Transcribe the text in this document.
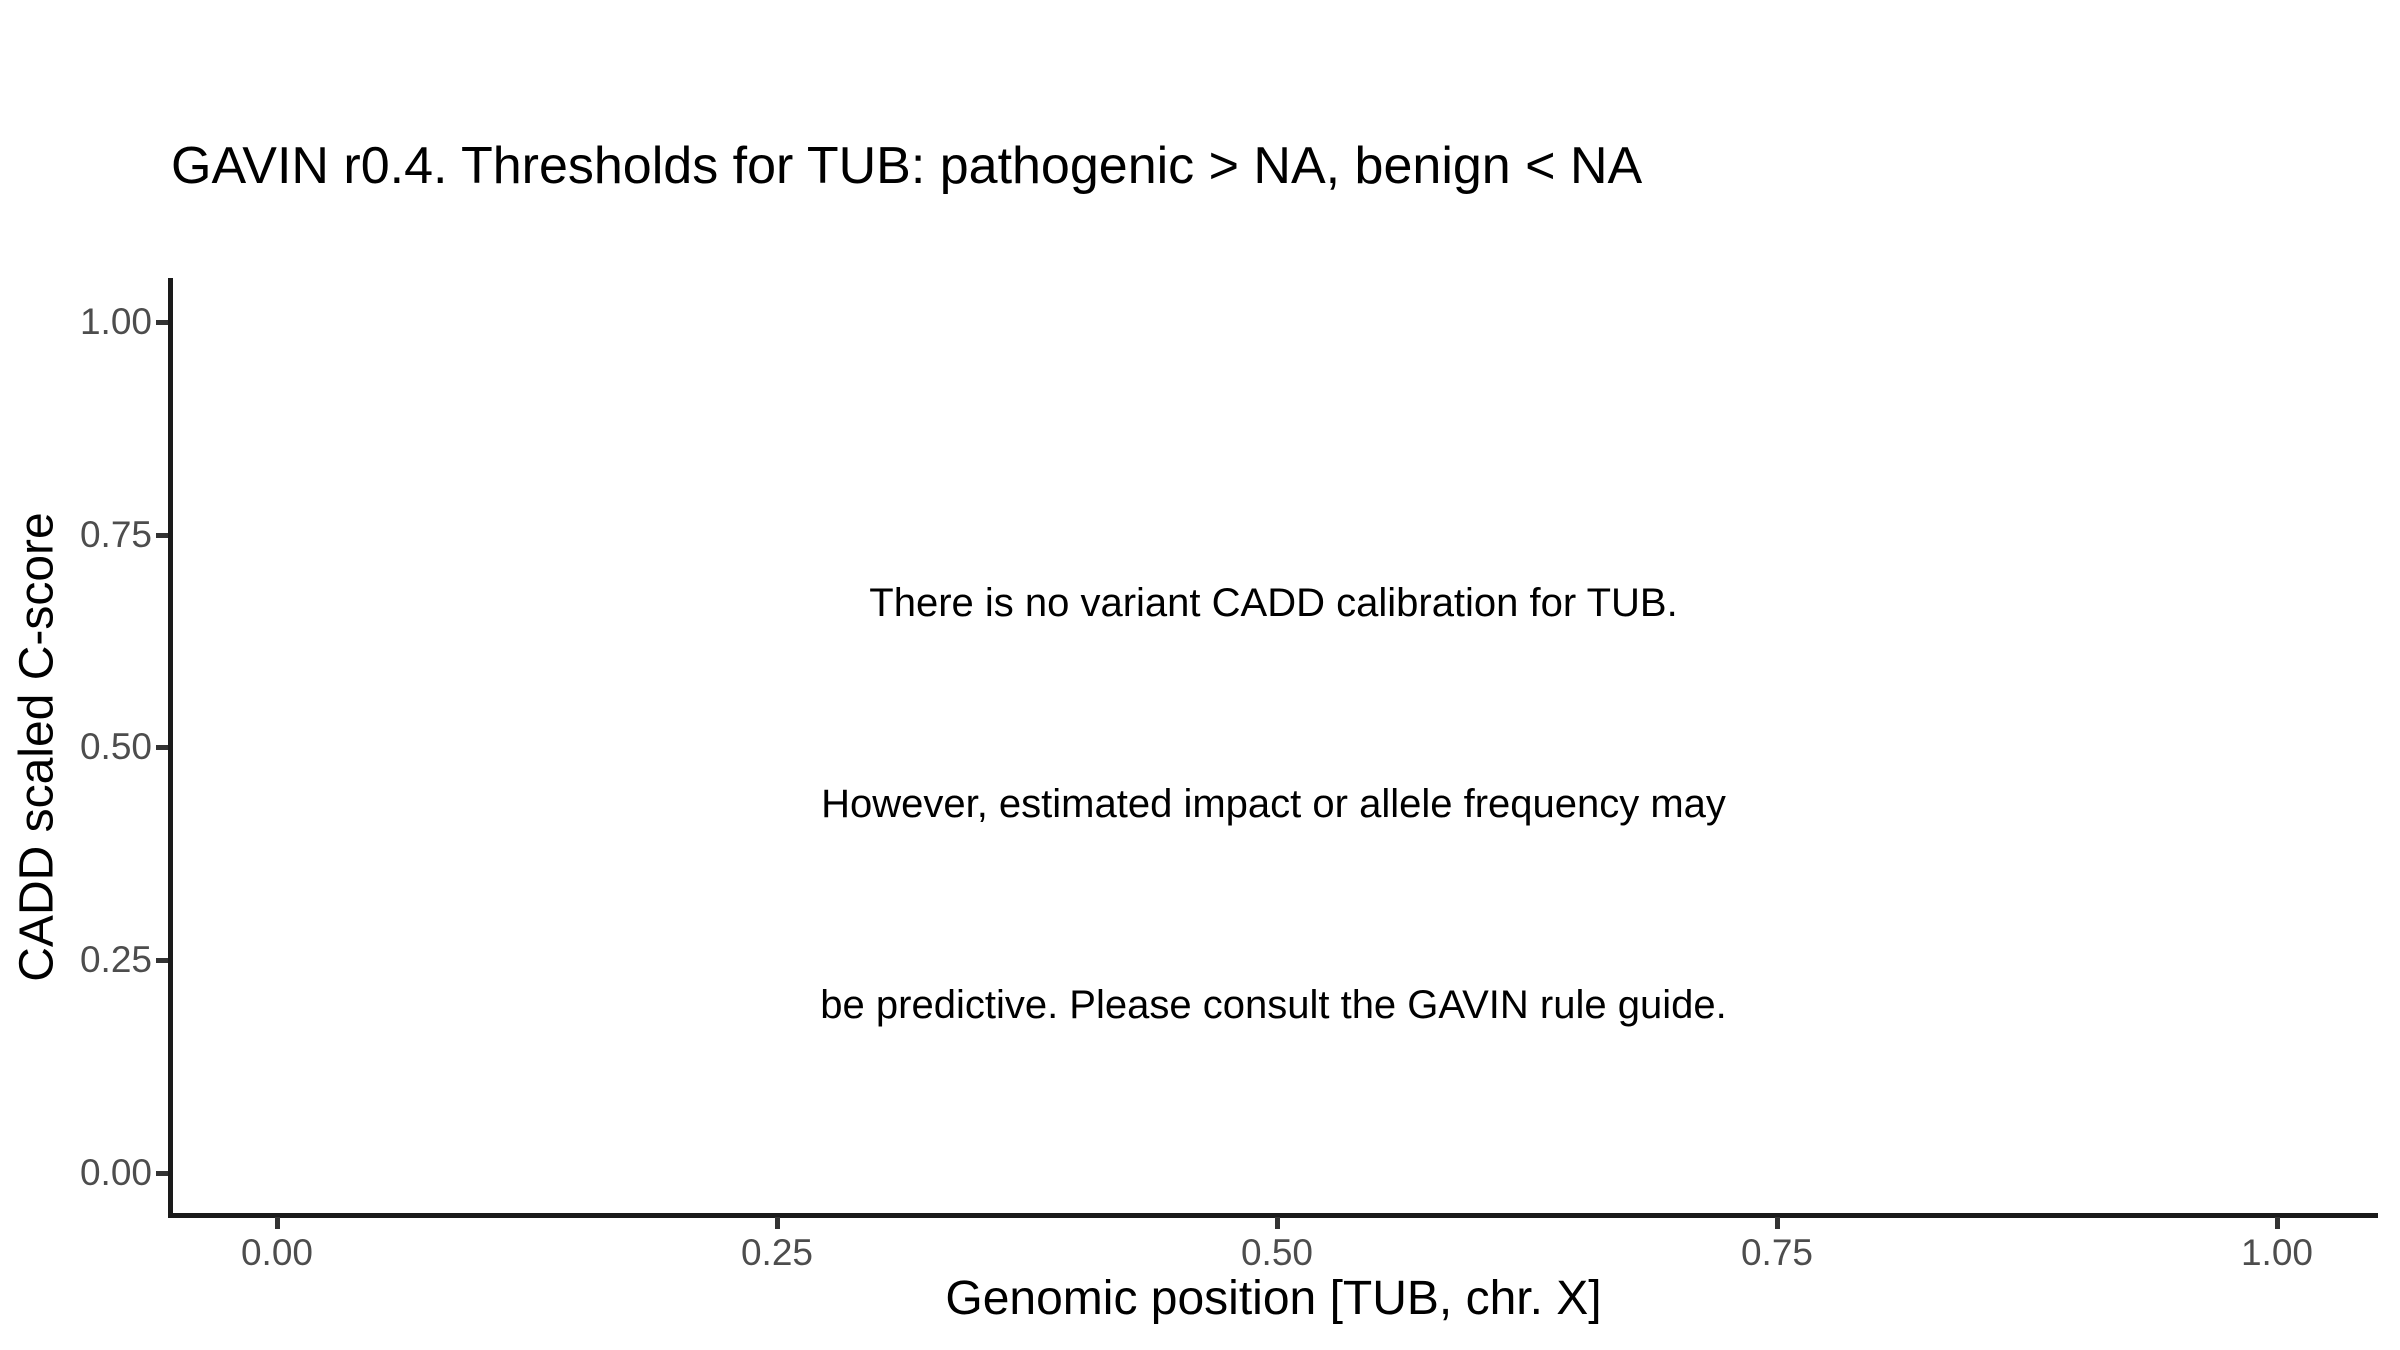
GAVIN r0.4. Thresholds for TUB: pathogenic > NA, benign < NA

1.00
0.75
0.50
0.25
0.00
0.00	0.25	0.50	0.75	1.00
CADD scaled C-score
Genomic position [TUB, chr. X]

There is no variant CADD calibration for TUB.

However, estimated impact or allele frequency may

be predictive. Please consult the GAVIN rule guide.
